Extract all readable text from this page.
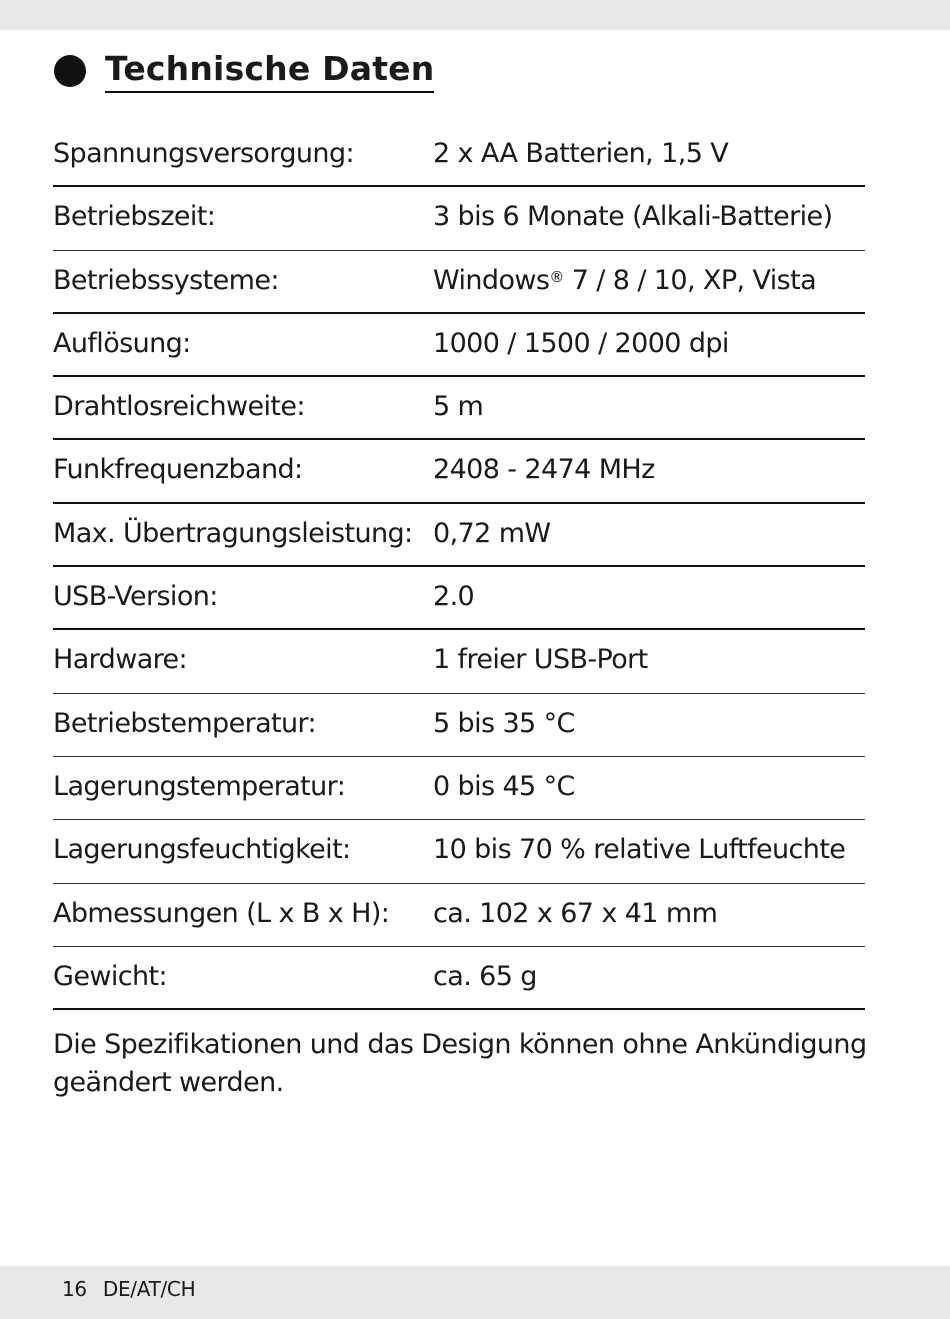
Technische Daten
Spannungsversorgung:	2 x AA Batterien, 1,5 V
Betriebszeit:	3 bis 6 Monate (Alkali-Batterie)
Betriebssysteme:	Windows® 7 / 8 / 10, XP, Vista
Auflösung:	1000 / 1500 / 2000 dpi
Drahtlosreichweite:	5 m
Funkfrequenzband:	2408 - 2474 MHz
Max. Übertragungsleistung: 0,72 mW
USB-Version:	2.0
Hardware:	1 freier USB-Port
Betriebstemperatur:	5 bis 35 °C
Lagerungstemperatur:	0 bis 45 °C
Lagerungsfeuchtigkeit:	10 bis 70 % relative Luftfeuchte
Abmessungen (L x B x H): ca. 102 x 67 x 41 mm
Gewicht:	ca. 65 g
Die Spezifikationen und das Design können ohne Ankündigung geändert werden.
16 DE/AT/CH
